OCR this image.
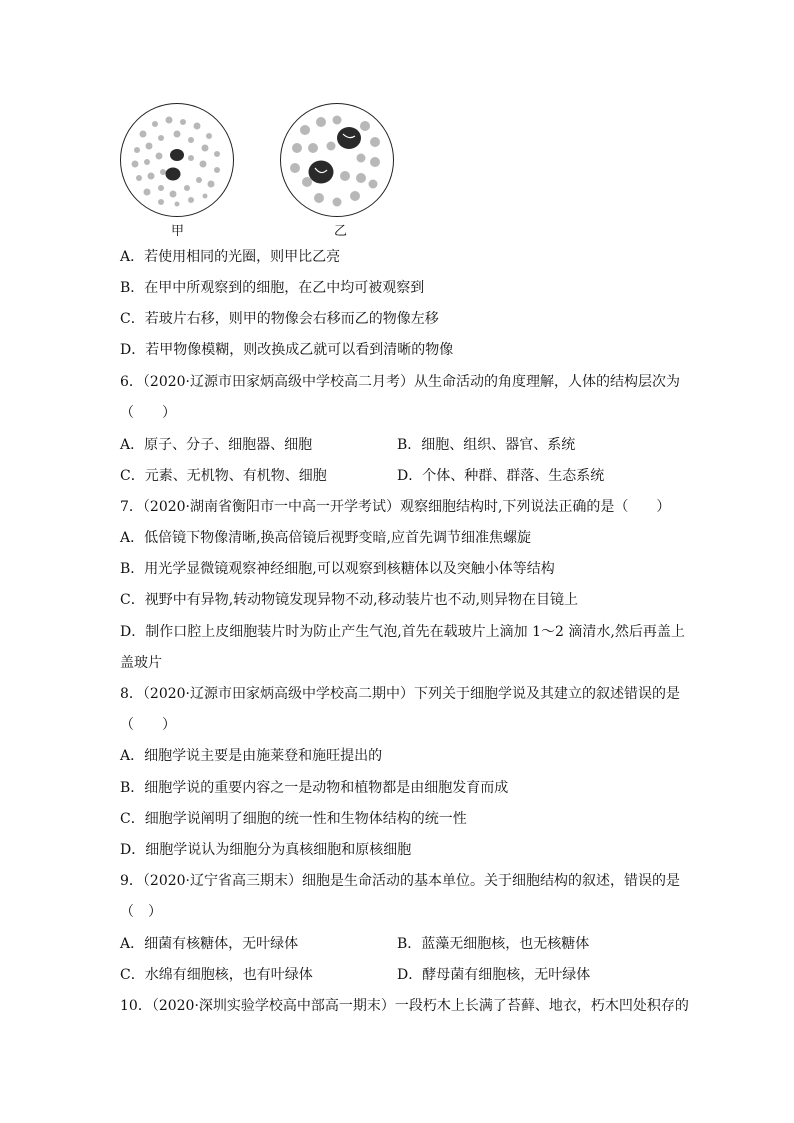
甲	乙
A．若使用相同的光圈，则甲比乙亮
B．在甲中所观察到的细胞，在乙中均可被观察到
C．若玻片右移，则甲的物像会右移而乙的物像左移
D．若甲物像模糊，则改换成乙就可以看到清晰的物像
6．（2020·辽源市田家炳高级中学校高二月考）从生命活动的角度理解，人体的结构层次为
（　　）
A．原子、分子、细胞器、细胞	B．细胞、组织、器官、系统
C．元素、无机物、有机物、细胞	D．个体、种群、群落、生态系统
7．（2020·湖南省衡阳市一中高一开学考试）观察细胞结构时,下列说法正确的是（　　）
A．低倍镜下物像清晰,换高倍镜后视野变暗,应首先调节细准焦螺旋
B．用光学显微镜观察神经细胞,可以观察到核糖体以及突触小体等结构
C．视野中有异物,转动物镜发现异物不动,移动装片也不动,则异物在目镜上
D．制作口腔上皮细胞装片时为防止产生气泡,首先在载玻片上滴加 1～2 滴清水,然后再盖上
盖玻片
8．（2020·辽源市田家炳高级中学校高二期中）下列关于细胞学说及其建立的叙述错误的是
（　　）
A．细胞学说主要是由施莱登和施旺提出的
B．细胞学说的重要内容之一是动物和植物都是由细胞发育而成
C．细胞学说阐明了细胞的统一性和生物体结构的统一性
D．细胞学说认为细胞分为真核细胞和原核细胞
9．（2020·辽宁省高三期末）细胞是生命活动的基本单位。关于细胞结构的叙述，错误的是
（　）
A．细菌有核糖体，无叶绿体	B．蓝藻无细胞核，也无核糖体
C．水绵有细胞核，也有叶绿体	D．酵母菌有细胞核，无叶绿体
10．（2020·深圳实验学校高中部高一期末）一段朽木上长满了苔藓、地衣，朽木凹处积存的
